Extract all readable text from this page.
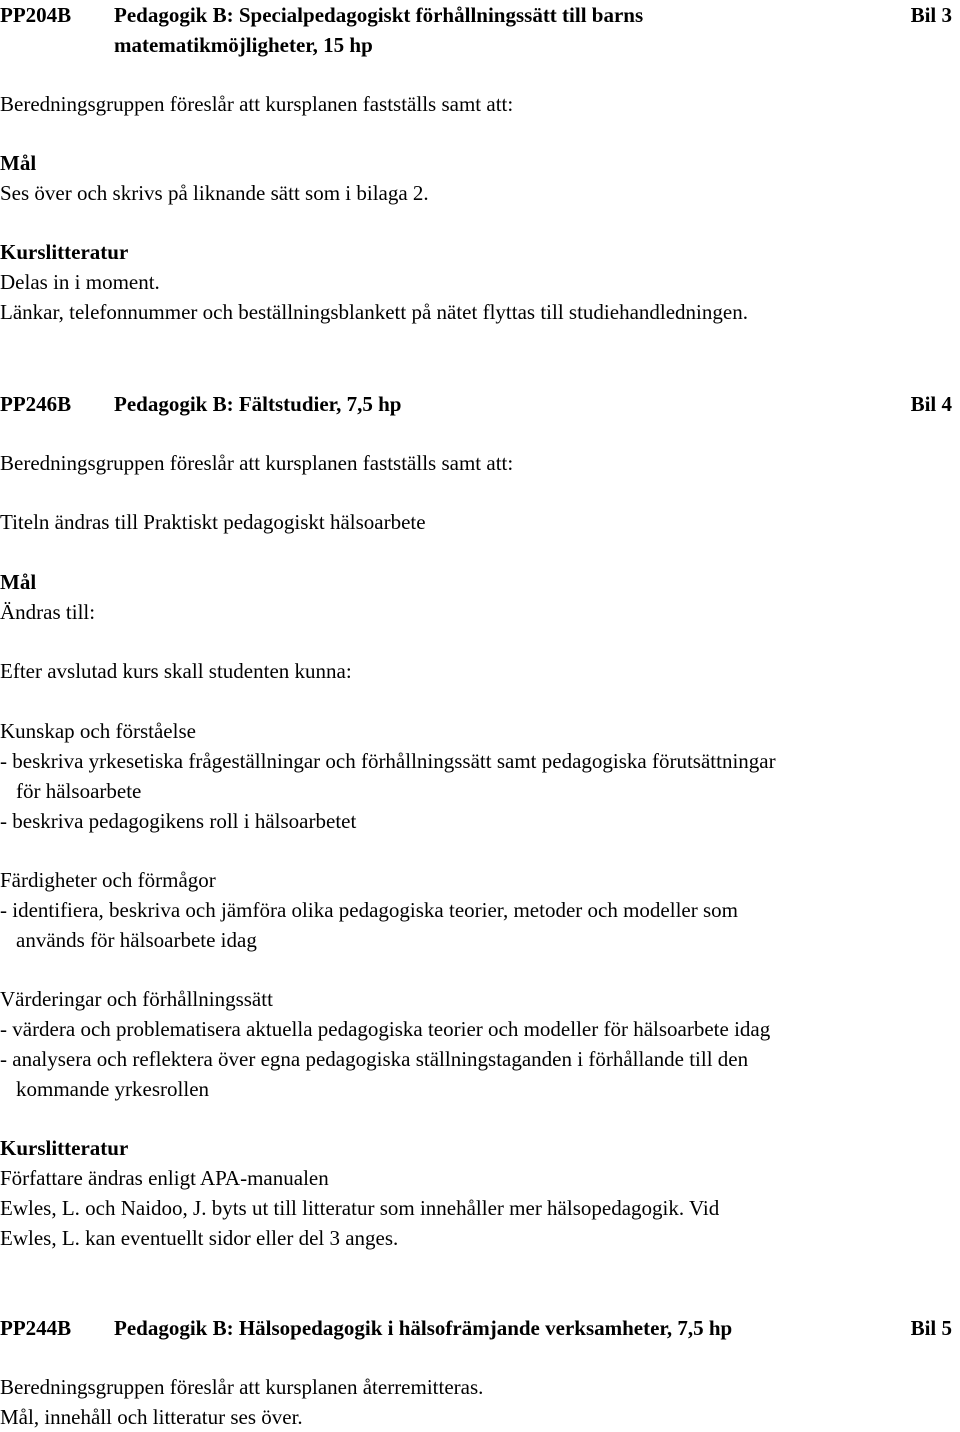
PP204B Pedagogik B: Specialpedagogiskt förhållningssätt till barns
matematikmöjligheter, 15 hp
Bil 3
Beredningsgruppen föreslår att kursplanen fastställs samt att:
Mål
Ses över och skrivs på liknande sätt som i bilaga 2.
Kurslitteratur
Delas in i moment.
Länkar, telefonnummer och beställningsblankett på nätet flyttas till studiehandledningen.
PP246B Pedagogik B: Fältstudier, 7,5 hp	Bil 4
Beredningsgruppen föreslår att kursplanen fastställs samt att:
Titeln ändras till Praktiskt pedagogiskt hälsoarbete
Mål
Ändras till:
Efter avslutad kurs skall studenten kunna:
Kunskap och förståelse
- beskriva yrkesetiska frågeställningar och förhållningssätt samt pedagogiska förutsättningar
för hälsoarbete
- beskriva pedagogikens roll i hälsoarbetet
Färdigheter och förmågor
- identifiera, beskriva och jämföra olika pedagogiska teorier, metoder och modeller som
används för hälsoarbete idag
Värderingar och förhållningssätt
- värdera och problematisera aktuella pedagogiska teorier och modeller för hälsoarbete idag
- analysera och reflektera över egna pedagogiska ställningstaganden i förhållande till den
kommande yrkesrollen
Kurslitteratur
Författare ändras enligt APA-manualen
Ewles, L. och Naidoo, J. byts ut till litteratur som innehåller mer hälsopedagogik. Vid
Ewles, L. kan eventuellt sidor eller del 3 anges.
PP244B Pedagogik B: Hälsopedagogik i hälsofrämjande verksamheter, 7,5 hp	Bil 5
Beredningsgruppen föreslår att kursplanen återremitteras.
Mål, innehåll och litteratur ses över.
